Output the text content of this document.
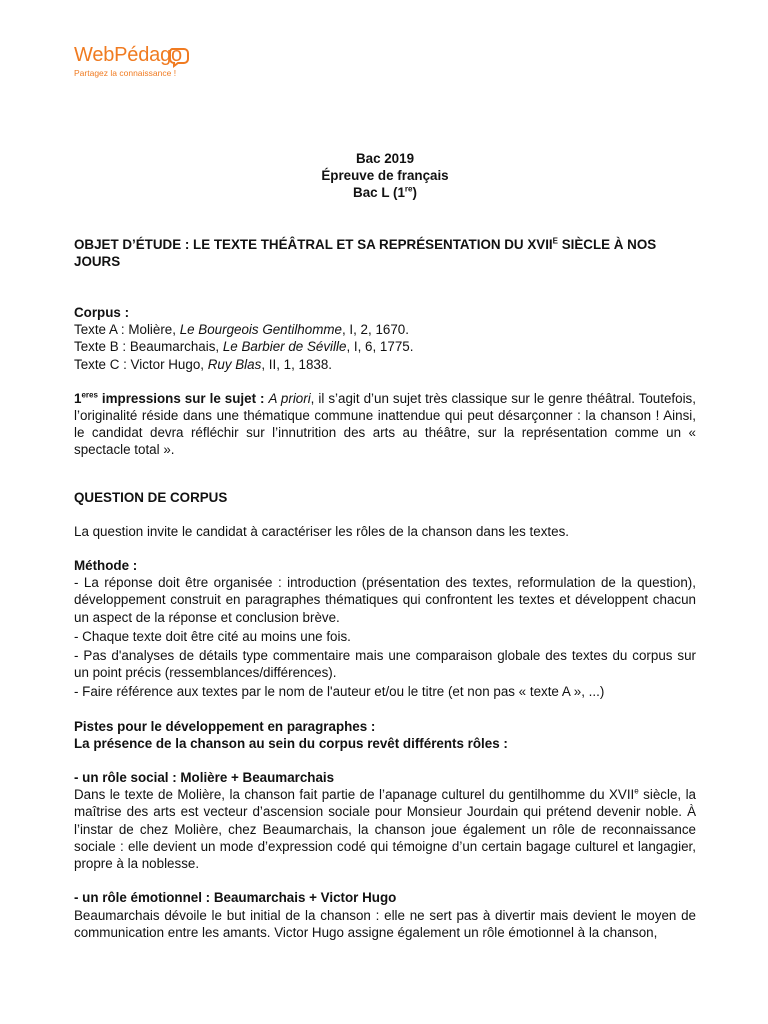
WebPédago
Partagez la connaissance !
Bac 2019
Épreuve de français
Bac L (1re)
OBJET D’ÉTUDE : LE TEXTE THÉÂTRAL ET SA REPRÉSENTATION DU $XVII^E$ SIÈCLE À NOS JOURS
Corpus :
Texte A : Molière, Le Bourgeois Gentilhomme, I, 2, 1670.
Texte B : Beaumarchais, Le Barbier de Séville, I, 6, 1775.
Texte C : Victor Hugo, Ruy Blas, II, 1, 1838.

$1^{eres}$ impressions sur le sujet : A priori, il s’agit d’un sujet très classique sur le genre théâtral. Toutefois, l’originalité réside dans une thématique commune inattendue qui peut désarçonner : la chanson ! Ainsi, le candidat devra réfléchir sur l’innutrition des arts au théâtre, sur la représentation comme un « spectacle total ».

QUESTION DE CORPUS

La question invite le candidat à caractériser les rôles de la chanson dans les textes.

Méthode :

- La réponse doit être organisée : introduction (présentation des textes, reformulation de la question), développement construit en paragraphes thématiques qui confrontent les textes et développent chacun un aspect de la réponse et conclusion brève.

- Chaque texte doit être cité au moins une fois.

- Pas d'analyses de détails type commentaire mais une comparaison globale des textes du corpus sur un point précis (ressemblances/différences).

- Faire référence aux textes par le nom de l'auteur et/ou le titre (et non pas « texte A », ...)

Pistes pour le développement en paragraphes :
La présence de la chanson au sein du corpus revêt différents rôles :
- un rôle social : Molière + Beaumarchais

Dans le texte de Molière, la chanson fait partie de l’apanage culturel du gentilhomme du XVIIe siècle, la maîtrise des arts est vecteur d’ascension sociale pour Monsieur Jourdain qui prétend devenir noble. À l’instar de chez Molière, chez Beaumarchais, la chanson joue également un rôle de reconnaissance sociale : elle devient un mode d’expression codé qui témoigne d’un certain bagage culturel et langagier, propre à la noblesse.

- un rôle émotionnel : Beaumarchais + Victor Hugo

Beaumarchais dévoile le but initial de la chanson : elle ne sert pas à divertir mais devient le moyen de communication entre les amants. Victor Hugo assigne également un rôle émotionnel à la chanson,
